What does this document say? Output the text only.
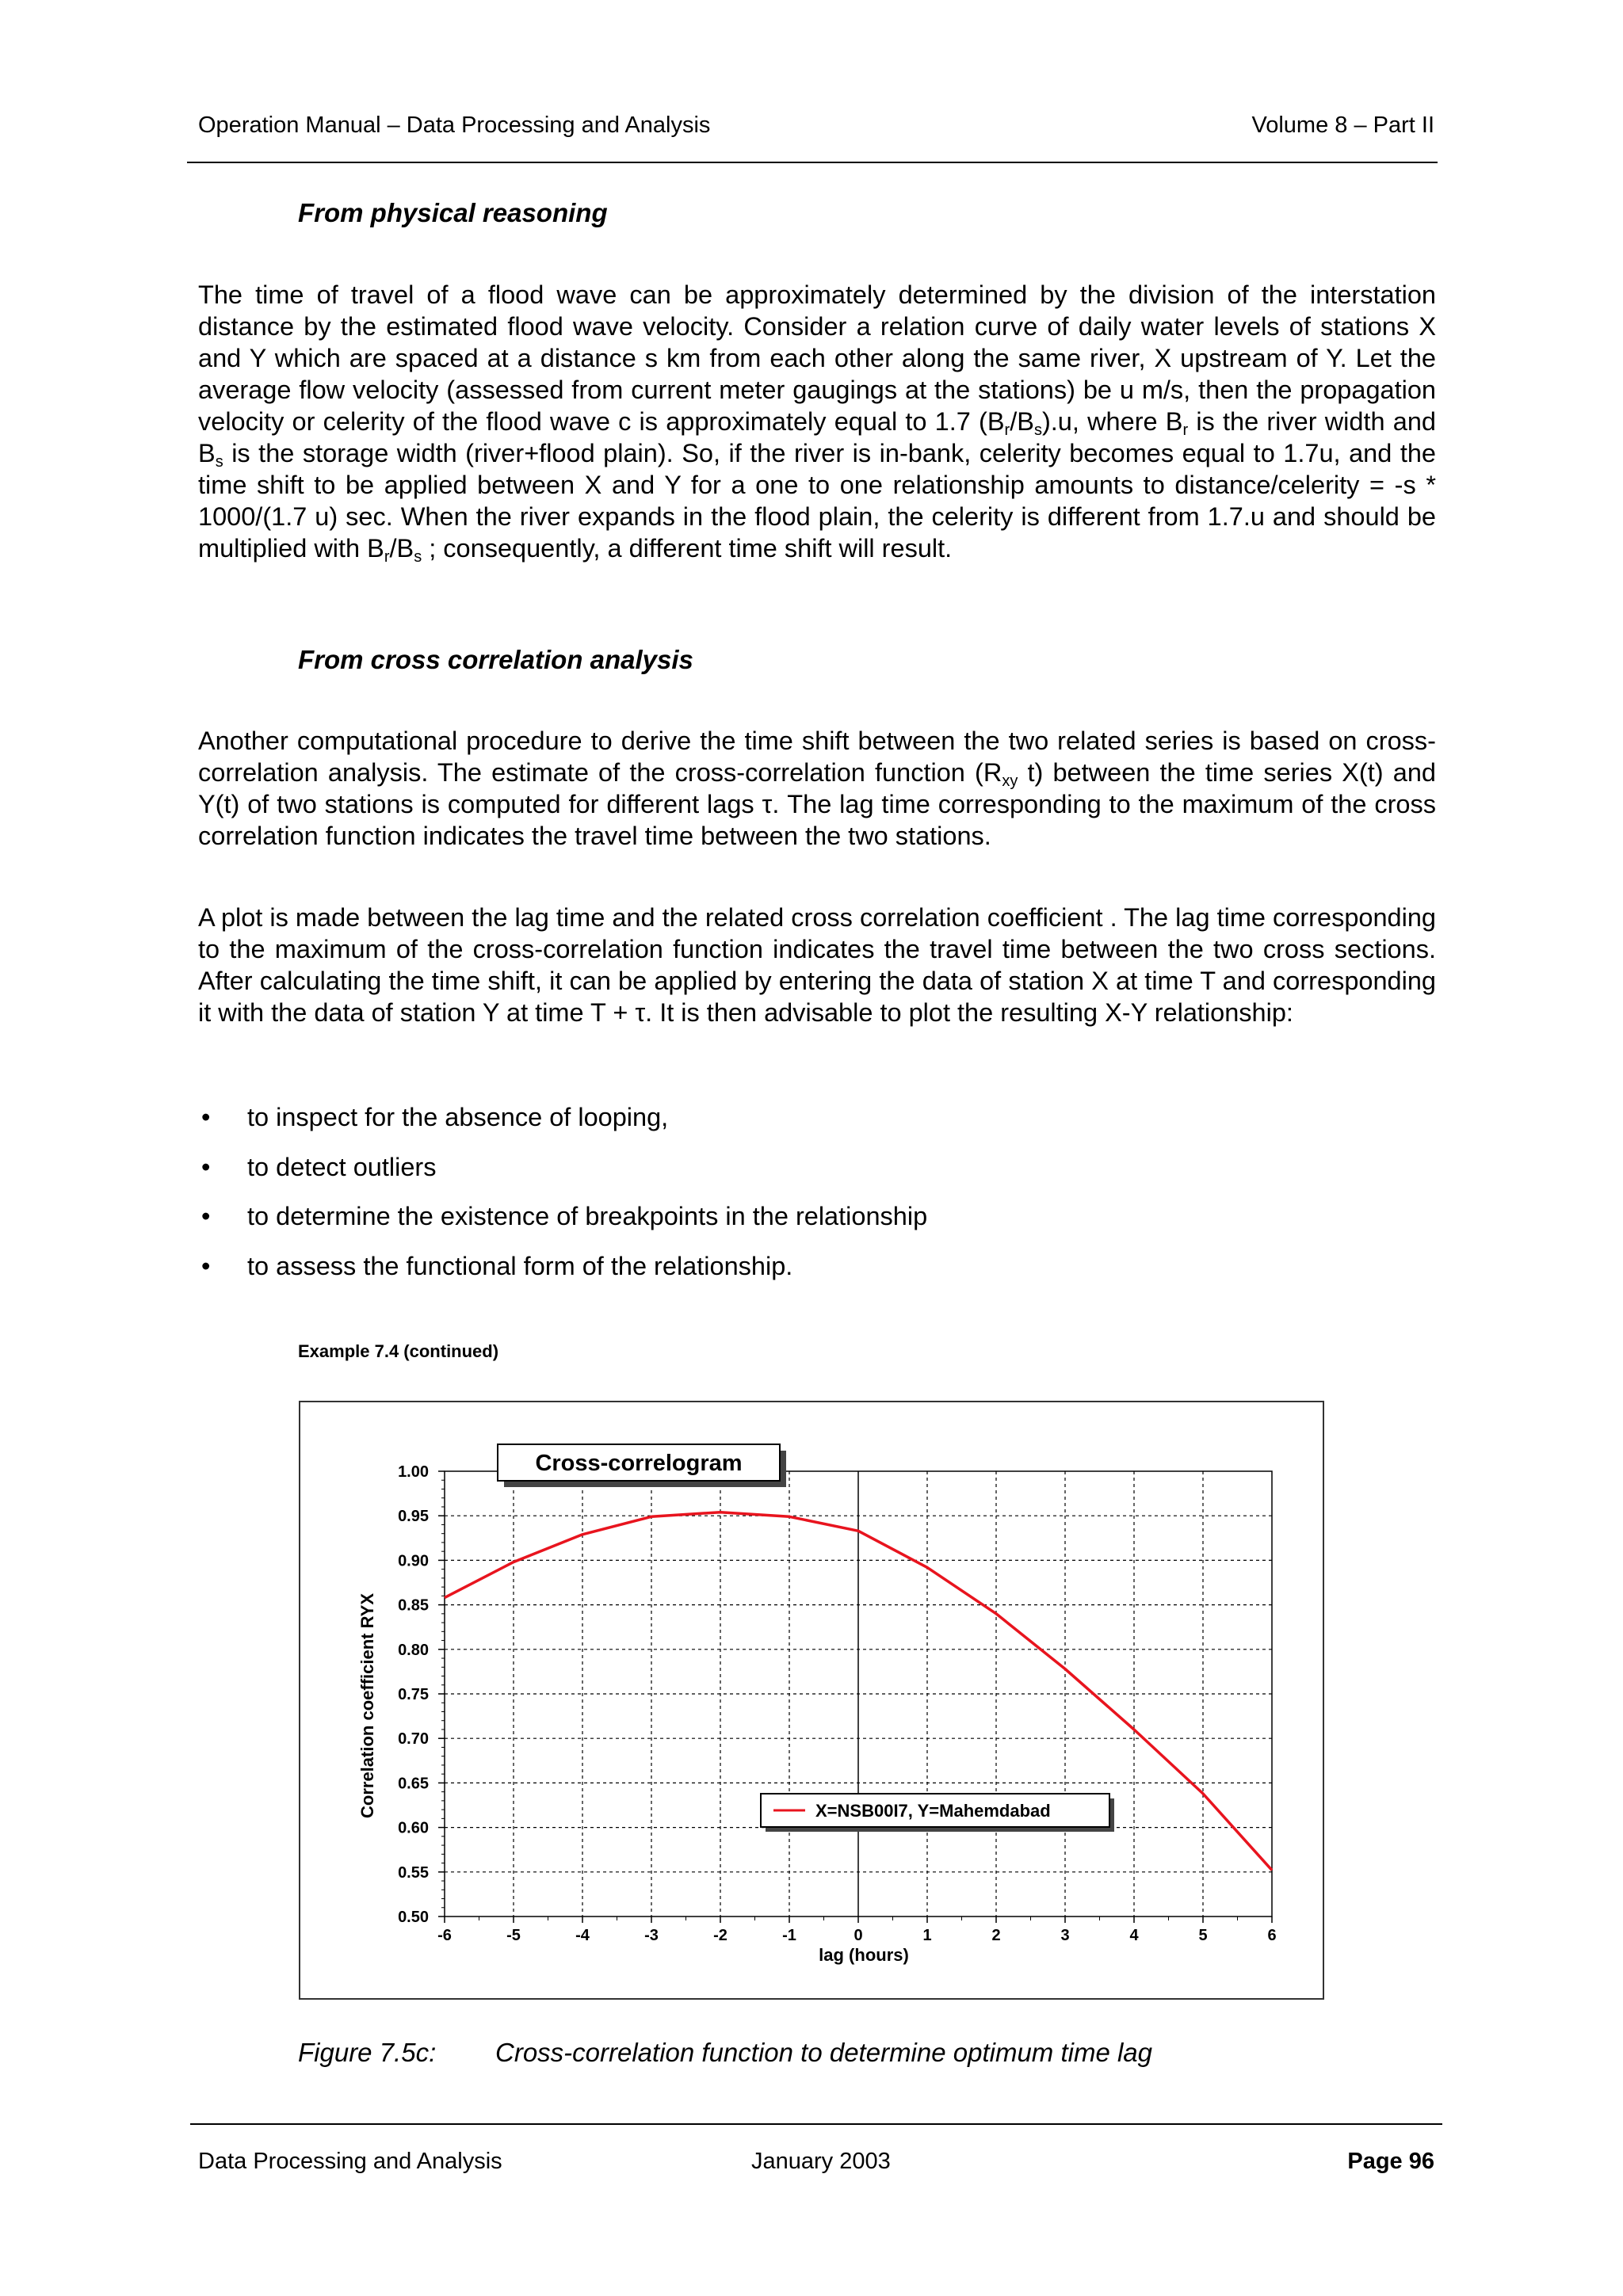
Operation Manual – Data Processing and Analysis	Volume 8 – Part II
From physical reasoning

The time of travel of a flood wave can be approximately determined by the division of the interstation distance by the estimated flood wave velocity. Consider a relation curve of daily water levels of stations X and Y which are spaced at a distance s km from each other along the same river, X upstream of Y. Let the average flow velocity (assessed from current meter gaugings at the stations) be u m/s, then the propagation velocity or celerity of the flood wave c is approximately equal to 1.7 $(B_r/B_s).u$, where $B_r$ is the river width and $B_s$ is the storage width (river+flood plain). So, if the river is in-bank, celerity becomes equal to 1.7u, and the time shift to be applied between X and Y for a one to one relationship amounts to distance/celerity = -s * 1000/(1.7 u) sec. When the river expands in the flood plain, the celerity is different from 1.7.u and should be multiplied with $B_r/B_s$ ; consequently, a different time shift will result.

From cross correlation analysis

Another computational procedure to derive the time shift between the two related series is based on cross-correlation analysis. The estimate of the cross-correlation function ($R_{xy}$ t) between the time series X(t) and Y(t) of two stations is computed for different lags τ. The lag time corresponding to the maximum of the cross correlation function indicates the travel time between the two stations.

A plot is made between the lag time and the related cross correlation coefficient . The lag time corresponding to the maximum of the cross-correlation function indicates the travel time between the two cross sections. After calculating the time shift, it can be applied by entering the data of station X at time T and corresponding it with the data of station Y at time T + τ. It is then advisable to plot the resulting X-Y relationship:

• to inspect for the absence of looping,
• to detect outliers
• to determine the existence of breakpoints in the relationship
• to assess the functional form of the relationship.
Example 7.4 (continued)
-6	-5	-4	-3	-2	-1	0	1	2	3	4	5	6
0.50
0.55
0.60
0.65
0.70
0.75
0.80
0.85
0.90
0.95
1.00	Cross-correlogram
X=NSB00I7, Y=Mahemdabad
lag (hours)
Correlation coefficient RYX
Figure 7.5c: Cross-correlation function to determine optimum time lag
Data Processing and Analysis	January 2003	Page 96
